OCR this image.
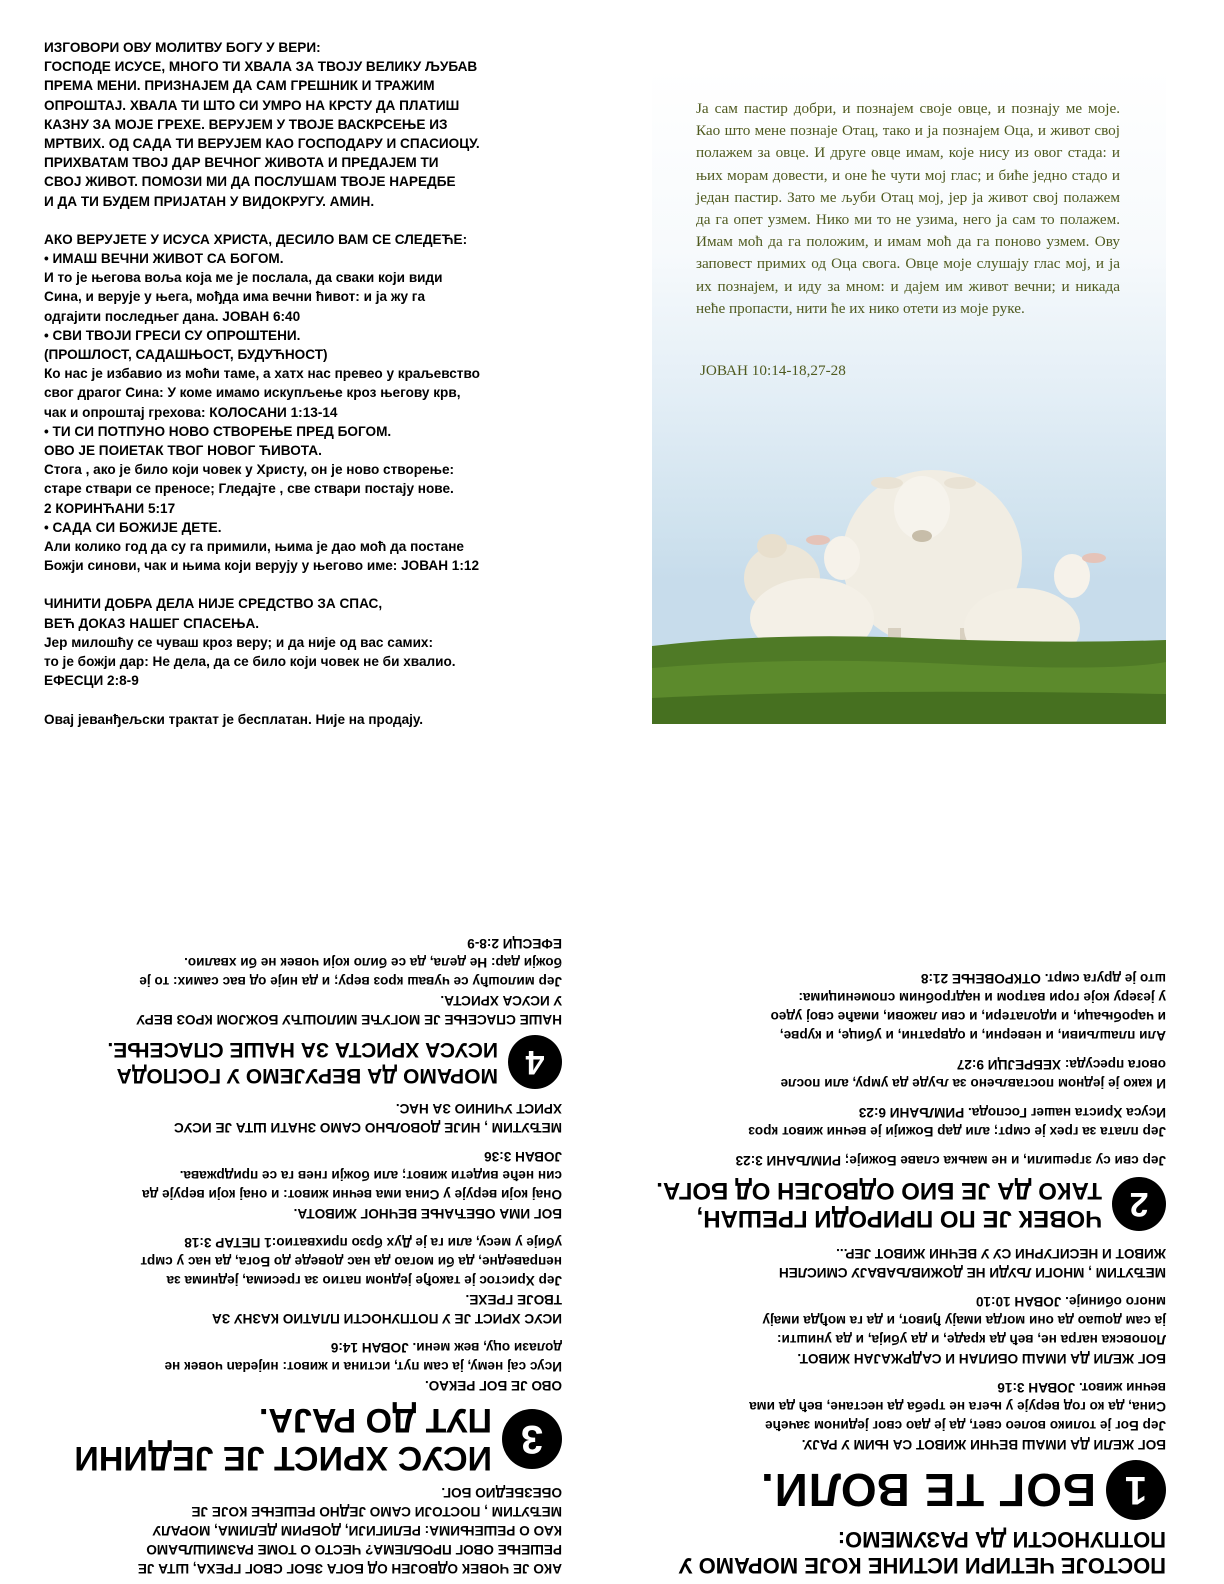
ИЗГОВОРИ ОВУ МОЛИТВУ БОГУ У ВЕРИ:

ГОСПОДЕ ИСУСЕ, МНОГО ТИ ХВАЛА ЗА ТВОЈУ ВЕЛИКУ ЉУБАВ

ПРЕМА МЕНИ. ПРИЗНАЈЕМ ДА САМ ГРЕШНИК И ТРАЖИМ

ОПРОШТАЈ. ХВАЛА ТИ ШТО СИ УМРО НА КРСТУ ДА ПЛАТИШ

КАЗНУ ЗА МОЈЕ ГРЕХЕ. ВЕРУЈЕМ У ТВОЈЕ ВАСКРСЕЊЕ ИЗ

МРТВИХ. ОД САДА ТИ ВЕРУЈЕМ КАО ГОСПОДАРУ И СПАСИОЦУ.

ПРИХВАТАМ ТВОЈ ДАР ВЕЧНОГ ЖИВОТА И ПРЕДАЈЕМ ТИ

СВОЈ ЖИВОТ. ПОМОЗИ МИ ДА ПОСЛУШАМ ТВОЈЕ НАРЕДБЕ

И ДА ТИ БУДЕМ ПРИЈАТАН У ВИДОКРУГУ. АМИН.

АКО ВЕРУЈЕТЕ У ИСУСА ХРИСТА, ДЕСИЛО ВАМ СЕ СЛЕДЕЋЕ:

• ИМАШ ВЕЧНИ ЖИВОТ СА БОГОМ.

И то је његова воља која ме је послала, да сваки који види

Сина, и верује у њега, мођда има вечни ћивот: и ја жу га

одгајити последњег дана. ЈОВАН 6:40

• СВИ ТВОЈИ ГРЕСИ СУ ОПРОШТЕНИ.

(ПРОШЛОСТ, САДАШЊОСТ, БУДУЋНОСТ)

Ко нас је избавио из моћи таме, а хатх нас превео у краљевство

свог драгог Сина: У коме имамо искупљење кроз његову крв,

чак и опроштај грехова: КОЛОСАНИ 1:13-14

• ТИ СИ ПОТПУНО НОВО СТВОРЕЊЕ ПРЕД БОГОМ.

ОВО ЈЕ ПОИЕТАК ТВОГ НОВОГ ЋИВОТА.

Стога , ако је било који човек у Христу, он је ново створење:

старе ствари се преносе; Гледајте , све ствари постају нове.

2 КОРИНЋАНИ 5:17

• САДА СИ БОЖИЈЕ ДЕТЕ.

Али колико год да су га примили, њима је дао моћ да постане

Божји синови, чак и њима који верују у његово име: ЈОВАН 1:12

ЧИНИТИ ДОБРА ДЕЛА НИЈЕ СРЕДСТВО ЗА СПАС,

ВЕЋ ДОКАЗ НАШЕГ СПАСЕЊА.

Јер милошћу се чуваш кроз веру; и да није од вас самих:

то је божји дар: Не дела, да се било који човек не би хвалио.

ЕФЕСЦИ 2:8-9

Овај јеванђељски трактат је бесплатан. Није на продају.

Ја сам пастир добри, и познајем своје овце, и познају ме моје. Као што мене познаје Отац, тако и ја познајем Оца, и живот свој полажем за овце. И друге овце имам, које нису из овог стада: и њих морам довести, и оне ће чути мој глас; и биће једно стадо и један пастир. Зато ме љуби Отац мој, јер ја живот свој полажем да га опет узмем. Нико ми то не узима, него ја сам то полажем. Имам моћ да га положим, и имам моћ да га поново узмем. Ову заповест примих од Оца свога. Овце моје слушају глас мој, и ја их познајем, и иду за мном: и дајем им живот вечни; и никада неће пропасти, нити ће их нико отети из моје руке.
ЈОВАН 10:14-18,27-28

ПОСТОЈЕ ЧЕТИРИ ИСТИНЕ КОЈЕ МОРАМО У ПОТПУНОСТИ ДА РАЗУМЕМО:

1
БОГ ТЕ ВОЛИ.

БОГ ЖЕЛИ ДА ИМАШ ВЕЧНИ ЖИВОТ СА ЊИМ У РАЈУ.

Јер Бог је толико волео свет, да је дао свог једином зачеће

Сина, да ко год верује у њега не треба да нестане, већ да има

вечни живот. ЈОВАН 3:16

БОГ ЖЕЛИ ДА ИМАШ ОБИЛАН И САДРЖАЈАН ЖИВОТ.

Лоповска награ не, већ да краде, и да убија, и да уништи:

ја сам дошао да они могда имају ђивот, и да га мођда имају

много обиније. ЈОВАН 10:10

МЕЂУТИМ , МНОГИ ЉУДИ НЕ ДОЖИВЉАВАЈУ СМИСЛЕН

ЖИВОТ И НЕСИГУРНИ СУ У ВЕЧНИ ЖИВОТ ЈЕР...

2
ЧОВЕК ЈЕ ПО ПРИРОДИ ГРЕШАН, ТАКО ДА ЈЕ БИО ОДВОЈЕН ОД БОГА.

Јер сви су згрешили, и не мањка славе Божије; РИМЉАНИ 3:23

Јер плата за грех је смрт; али дар Божији је вечни живот кроз

Исуса Христа нашег Господа. РИМЉАНИ 6:23

И како је једном постављено за људе да умру, али после

овога пресуда: ХЕБРЕЈЦИ 9:27

Али плашљиви, и неверни, и одвратни, и убице, и курве,

и чаробњаци, и идолатери, и сви лажови, имаће свој удео

у језеру које гори ватром и надгробним споменицима:

што је друга смрт. ОТКРОВЕЊЕ 21:8

АКО ЈЕ ЧОВЕК ОДВОЈЕН ОД БОГА ЗБОГ СВОГ ГРЕХА, ШТА ЈЕ

РЕШЕЊЕ ОВОГ ПРОБЛЕМА? ЧЕСТО О ТОМЕ РАЗМИШЉАМО

КАО О РЕШЕЊИМА: РЕЛИГИЈИ, ДОБРИМ ДЕЛИМА, МОРАЛУ

МЕЂУТИМ , ПОСТОЈИ САМО ЈЕДНО РЕШЕЊЕ КОЈЕ ЈЕ

ОБЕЗБЕДИО БОГ.

3
ИСУС ХРИСТ ЈЕ ЈЕДИНИ ПУТ ДО РАЈА.

ОВО ЈЕ БОГ РЕКАО.

Исус сај нему, ја сам пут, истина и живот: нијеdan човек не

долази оцу, веж мени. ЈОВАН 14:6

ИСУС ХРИСТ ЈЕ У ПОТПУНОСТИ ПЛАТИО КАЗНУ ЗА

ТВОЈЕ ГРЕХЕ.

Јер Христос је такође једном патио за гресима, једнима за

неправедне, да би могао да нас доведе до Бога, да нас у смрт

убије у месу, али га је Дух брзо прихватио:1 ПЕТАР 3:18

БОГ ИМА ОБЕЋАЊЕ ВЕЧНОГ ЖИВОТА.

Онај који верује у Сина има вечни живот: и онај који верује да

син неће видети живот; али божји гнев га се придржава.

ЈОВАН 3:36

МЕЂУТИМ , НИЈЕ ДОВОЉНО САМО ЗНАТИ ШТА ЈЕ ИСУС

ХРИСТ УЧИНИО ЗА НАС.

4
МОРАМО ДА ВЕРУЈЕМО У ГОСПОДА ИСУСА ХРИСТА ЗА НАШЕ СПАСЕЊЕ.

НАШЕ СПАСЕЊЕ ЈЕ МОГУЋЕ МИЛОШЋУ БОЖЈОМ КРОЗ ВЕРУ

У ИСУСА ХРИСТА.

Јер милошћу се чуваш кроз веру; и да није од вас самих: то је

божји дар: Не дела, да се било који човек не би хвалио.

ЕФЕСЦИ 2:8-9
